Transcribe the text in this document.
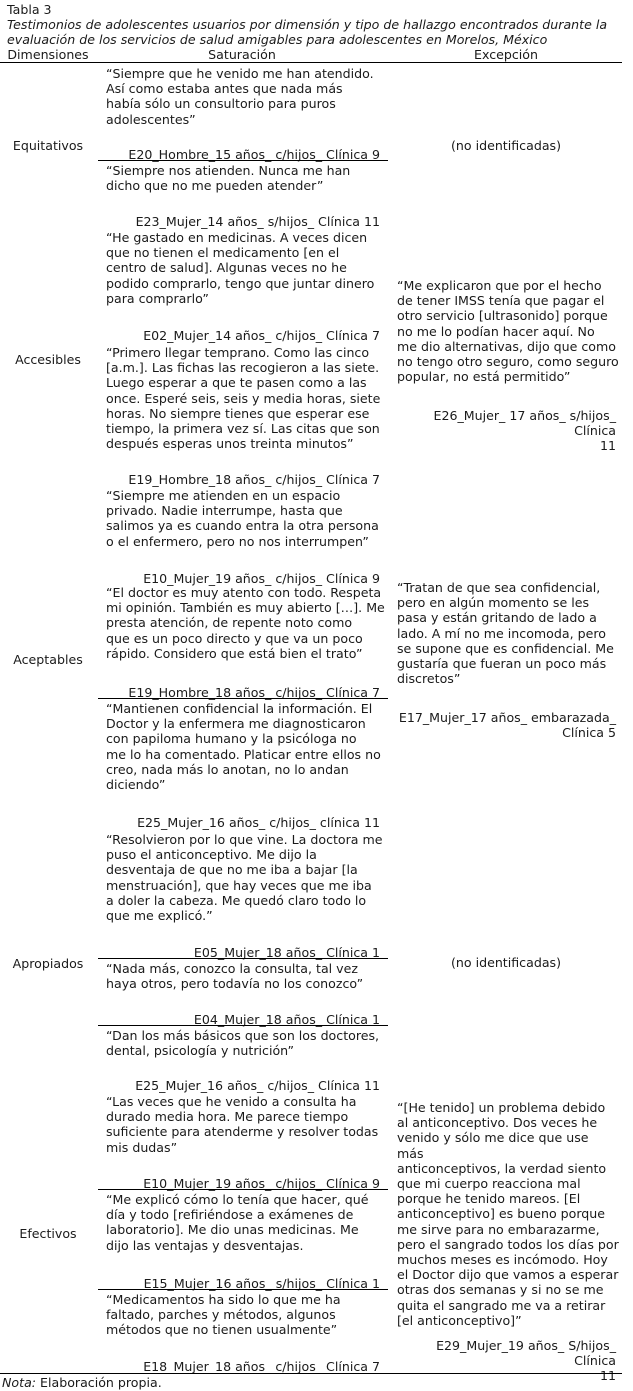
Tabla 3
Testimonios de adolescentes usuarios por dimensión y tipo de hallazgo encontrados durante la
evaluación de los servicios de salud amigables para adolescentes en Morelos, México
Dimensiones	Saturación	Excepción
Equitativos
“Siempre que he venido me han atendido.
Así como estaba antes que nada más
había sólo un consultorio para puros
adolescentes”
E20_Hombre_15 años_ c/hijos_ Clínica 9
“Siempre nos atienden. Nunca me han
dicho que no me pueden atender”
E23_Mujer_14 años_ s/hijos_ Clínica 11
(no identificadas)
Accesibles
“He gastado en medicinas. A veces dicen
que no tienen el medicamento [en el
centro de salud]. Algunas veces no he
podido comprarlo, tengo que juntar dinero
para comprarlo”
E02_Mujer_14 años_ c/hijos_ Clínica 7
“Primero llegar temprano. Como las cinco
[a.m.]. Las fichas las recogieron a las siete.
Luego esperar a que te pasen como a las
once. Esperé seis, seis y media horas, siete
horas. No siempre tienes que esperar ese
tiempo, la primera vez sí. Las citas que son
después esperas unos treinta minutos”
E19_Hombre_18 años_ c/hijos_ Clínica 7
“Me explicaron que por el hecho
de tener IMSS tenía que pagar el
otro servicio [ultrasonido] porque
no me lo podían hacer aquí. No
me dio alternativas, dijo que como
no tengo otro seguro, como seguro
popular, no está permitido”
E26_Mujer_ 17 años_ s/hijos_ Clínica
11
Aceptables
“Siempre me atienden en un espacio
privado. Nadie interrumpe, hasta que
salimos ya es cuando entra la otra persona
o el enfermero, pero no nos interrumpen”
E10_Mujer_19 años_ c/hijos_ Clínica 9
“El doctor es muy atento con todo. Respeta
mi opinión. También es muy abierto […]. Me
presta atención, de repente noto como
que es un poco directo y que va un poco
rápido. Considero que está bien el trato”
E19_Hombre_18 años_ c/hijos_ Clínica 7
“Mantienen confidencial la información. El
Doctor y la enfermera me diagnosticaron
con papiloma humano y la psicóloga no
me lo ha comentado. Platicar entre ellos no
creo, nada más lo anotan, no lo andan
diciendo”
E25_Mujer_16 años_ c/hijos_ clínica 11
“Tratan de que sea confidencial,
pero en algún momento se les
pasa y están gritando de lado a
lado. A mí no me incomoda, pero
se supone que es confidencial. Me
gustaría que fueran un poco más
discretos”
E17_Mujer_17 años_ embarazada_
Clínica 5
Apropiados
“Resolvieron por lo que vine. La doctora me
puso el anticonceptivo. Me dijo la
desventaja de que no me iba a bajar [la
menstruación], que hay veces que me iba
a doler la cabeza. Me quedó claro todo lo
que me explicó.”
E05_Mujer_18 años_ Clínica 1
“Nada más, conozco la consulta, tal vez
haya otros, pero todavía no los conozco”
E04_Mujer_18 años_ Clínica 1
“Dan los más básicos que son los doctores,
dental, psicología y nutrición”
E25_Mujer_16 años_ c/hijos_ Clínica 11
(no identificadas)
Efectivos
“Las veces que he venido a consulta ha
durado media hora. Me parece tiempo
suficiente para atenderme y resolver todas
mis dudas”
E10_Mujer_19 años_ c/hijos_ Clínica 9
“Me explicó cómo lo tenía que hacer, qué
día y todo [refiriéndose a exámenes de
laboratorio]. Me dio unas medicinas. Me
dijo las ventajas y desventajas.
E15_Mujer_16 años_ s/hijos_ Clínica 1
“Medicamentos ha sido lo que me ha
faltado, parches y métodos, algunos
métodos que no tienen usualmente”
E18_Mujer_18 años_ c/hijos_ Clínica 7
“[He tenido] un problema debido
al anticonceptivo. Dos veces he
venido y sólo me dice que use más
anticonceptivos, la verdad siento
que mi cuerpo reacciona mal
porque he tenido mareos. [El
anticonceptivo] es bueno porque
me sirve para no embarazarme,
pero el sangrado todos los días por
muchos meses es incómodo. Hoy
el Doctor dijo que vamos a esperar
otras dos semanas y si no se me
quita el sangrado me va a retirar
[el anticonceptivo]”
E29_Mujer_19 años_ S/hijos_ Clínica
11
Nota: Elaboración propia.
